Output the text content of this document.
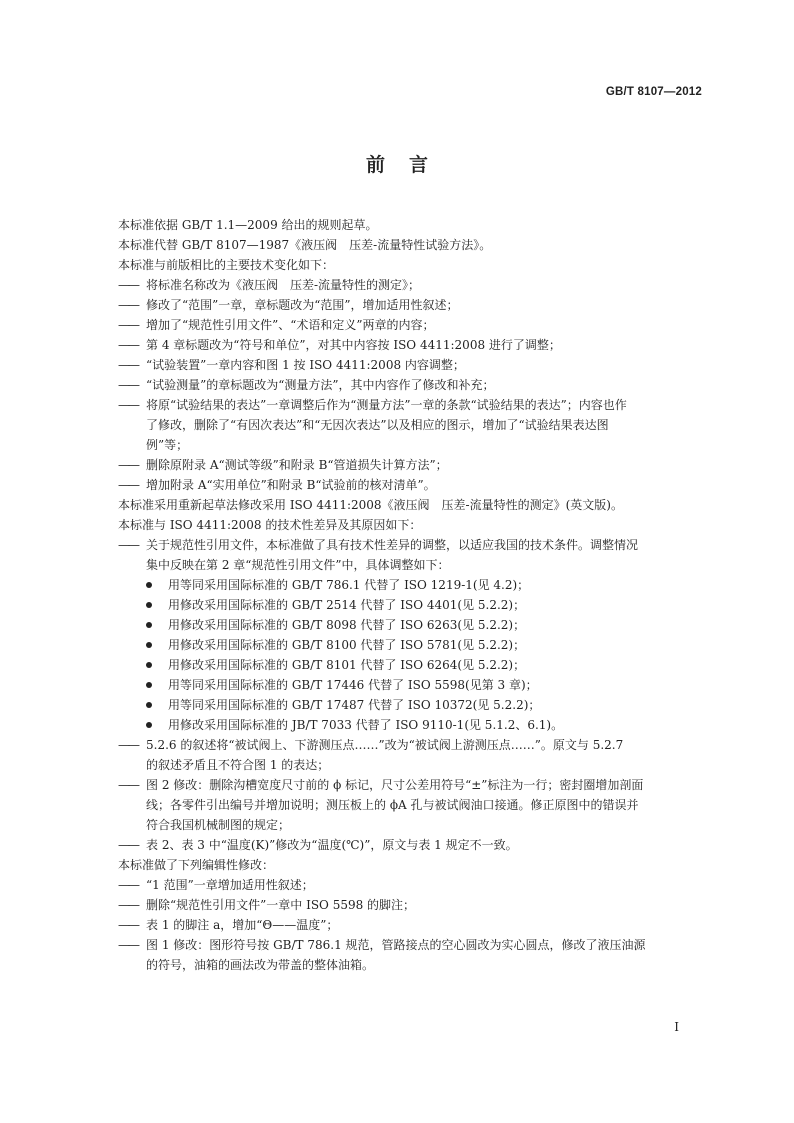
GB/T 8107—2012
前言
本标准依据 GB/T 1.1—2009 给出的规则起草。
本标准代替 GB/T 8107—1987《液压阀　压差-流量特性试验方法》。
本标准与前版相比的主要技术变化如下：
—— 将标准名称改为《液压阀　压差-流量特性的测定》；
—— 修改了“范围”一章，章标题改为“范围”，增加适用性叙述；
—— 增加了“规范性引用文件”、“术语和定义”两章的内容；
—— 第 4 章标题改为“符号和单位”，对其中内容按 ISO 4411:2008 进行了调整；
—— “试验装置”一章内容和图 1 按 ISO 4411:2008 内容调整；
—— “试验测量”的章标题改为“测量方法”，其中内容作了修改和补充；
—— 将原“试验结果的表达”一章调整后作为“测量方法”一章的条款“试验结果的表达”；内容也作
了修改，删除了“有因次表达”和“无因次表达”以及相应的图示，增加了“试验结果表达图
例”等；
—— 删除原附录 A“测试等级”和附录 B“管道损失计算方法”；
—— 增加附录 A“实用单位”和附录 B“试验前的核对清单”。
本标准采用重新起草法修改采用 ISO 4411:2008《液压阀　压差-流量特性的测定》(英文版)。
本标准与 ISO 4411:2008 的技术性差异及其原因如下：
—— 关于规范性引用文件，本标准做了具有技术性差异的调整，以适应我国的技术条件。调整情况
集中反映在第 2 章“规范性引用文件”中，具体调整如下：
用等同采用国际标准的 GB/T 786.1 代替了 ISO 1219-1(见 4.2)；
用修改采用国际标准的 GB/T 2514 代替了 ISO 4401(见 5.2.2)；
用修改采用国际标准的 GB/T 8098 代替了 ISO 6263(见 5.2.2)；
用修改采用国际标准的 GB/T 8100 代替了 ISO 5781(见 5.2.2)；
用修改采用国际标准的 GB/T 8101 代替了 ISO 6264(见 5.2.2)；
用等同采用国际标准的 GB/T 17446 代替了 ISO 5598(见第 3 章)；
用等同采用国际标准的 GB/T 17487 代替了 ISO 10372(见 5.2.2)；
用修改采用国际标准的 JB/T 7033 代替了 ISO 9110-1(见 5.1.2、6.1)。
—— 5.2.6 的叙述将“被试阀上、下游测压点……”改为“被试阀上游测压点……”。原文与 5.2.7
的叙述矛盾且不符合图 1 的表达；
—— 图 2 修改：删除沟槽宽度尺寸前的 ϕ 标记，尺寸公差用符号“±”标注为一行；密封圈增加剖面
线；各零件引出编号并增加说明；测压板上的 ϕA 孔与被试阀油口接通。修正原图中的错误并
符合我国机械制图的规定；
—— 表 2、表 3 中“温度(K)”修改为“温度(℃)”，原文与表 1 规定不一致。
本标准做了下列编辑性修改：
—— “1 范围”一章增加适用性叙述；
—— 删除“规范性引用文件”一章中 ISO 5598 的脚注；
—— 表 1 的脚注 a，增加“Θ——温度”；
—— 图 1 修改：图形符号按 GB/T 786.1 规范，管路接点的空心圆改为实心圆点，修改了液压油源
的符号，油箱的画法改为带盖的整体油箱。
I
